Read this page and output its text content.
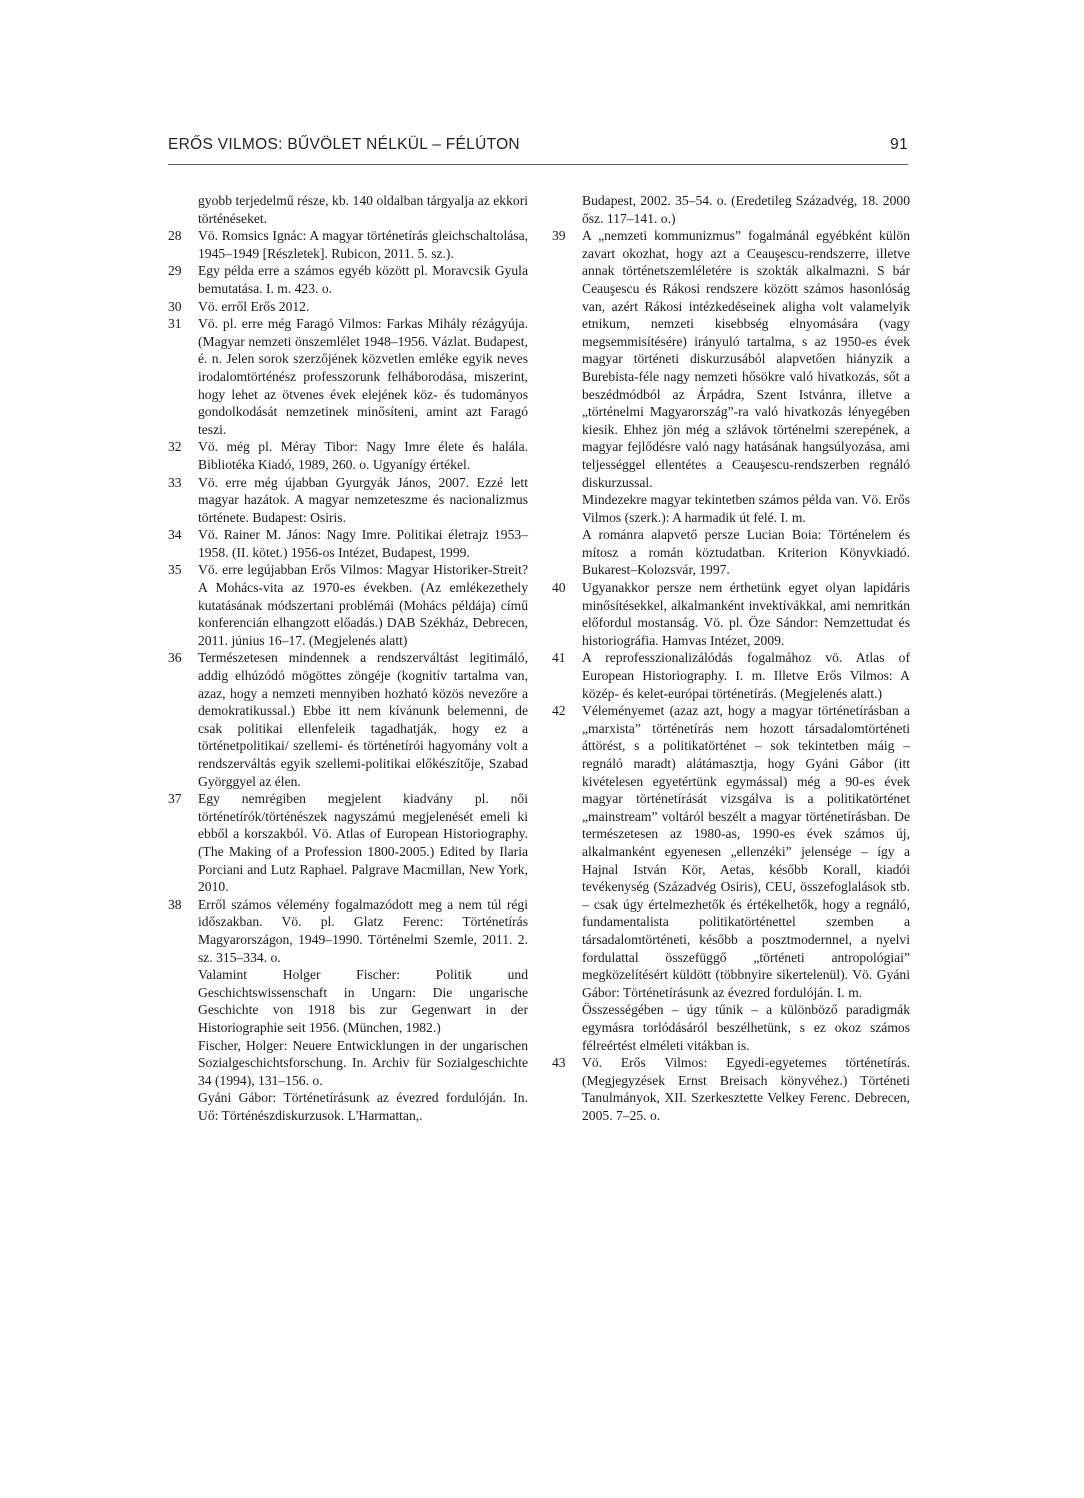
ERŐS VILMOS: BŰVÖLET NÉLKÜL – FÉLÚTON	91

gyobb terjedelmű része, kb. 140 oldalban tárgyalja az ekkori történéseket.

28 Vö. Romsics Ignác: A magyar történetírás gleichschaltolása, 1945–1949 [Részletek]. Rubicon, 2011. 5. sz.).

29 Egy példa erre a számos egyéb között pl. Moravcsik Gyula bemutatása. I. m. 423. o.

30 Vö. erről Erős 2012.

31 Vö. pl. erre még Faragó Vilmos: Farkas Mihály rézágyúja. (Magyar nemzeti önszemlélet 1948–1956. Vázlat. Budapest, é. n. Jelen sorok szerzőjének közvetlen emléke egyik neves irodalomtörténész professzorunk felháborodása, miszerint, hogy lehet az ötvenes évek elejének köz- és tudományos gondolkodását nemzetinek minősíteni, amint azt Faragó teszi.

32 Vö. még pl. Méray Tibor: Nagy Imre élete és halála. Bibliotéka Kiadó, 1989, 260. o. Ugyanígy értékel.

33 Vö. erre még újabban Gyurgyák János, 2007. Ezzé lett magyar hazátok. A magyar nemzeteszme és nacionalizmus története. Budapest: Osiris.

34 Vö. Rainer M. János: Nagy Imre. Politikai életrajz 1953–1958. (II. kötet.) 1956-os Intézet, Budapest, 1999.

35 Vö. erre legújabban Erős Vilmos: Magyar Historiker-Streit? A Mohács-vita az 1970-es években. (Az emlékezethely kutatásának módszertani problémái (Mohács példája) című konferencián elhangzott előadás.) DAB Székház, Debrecen, 2011. június 16–17. (Megjelenés alatt)

36 Természetesen mindennek a rendszerváltást legitimáló, addig elhúzódó mögöttes zöngéje (kognitív tartalma van, azaz, hogy a nemzeti mennyiben hozható közös nevezőre a demokratikussal.) Ebbe itt nem kívánunk belemenni, de csak politikai ellenfeleik tagadhatják, hogy ez a történetpolitikai/ szellemi- és történetírói hagyomány volt a rendszerváltás egyik szellemi-politikai előkészítője, Szabad Györggyel az élen.

37 Egy nemrégiben megjelent kiadvány pl. női történetírók/történészek nagyszámú megjelenését emeli ki ebből a korszakból. Vö. Atlas of European Historiography. (The Making of a Profession 1800-2005.) Edited by Ilaria Porciani and Lutz Raphael. Palgrave Macmillan, New York, 2010.

38 Erről számos vélemény fogalmazódott meg a nem túl régi időszakban. Vö. pl. Glatz Ferenc: Történetírás Magyarországon, 1949–1990. Történelmi Szemle, 2011. 2. sz. 315–334. o.

Valamint Holger Fischer: Politik und Geschichtswissenschaft in Ungarn: Die ungarische Geschichte von 1918 bis zur Gegenwart in der Historiographie seit 1956. (München, 1982.)

Fischer, Holger: Neuere Entwicklungen in der ungarischen Sozialgeschichtsforschung. In. Archiv für Sozialgeschichte 34 (1994), 131–156. o.

Gyáni Gábor: Történetírásunk az évezred fordulóján. In. Uő: Történészdiskurzusok. L'Harmattan,.

Budapest, 2002. 35–54. o. (Eredetileg Századvég, 18. 2000 ősz. 117–141. o.)

39 A „nemzeti kommunizmus” fogalmánál egyébként külön zavart okozhat, hogy azt a Ceauşescu-rendszerre, illetve annak történetszemléletére is szokták alkalmazni. S bár Ceauşescu és Rákosi rendszere között számos hasonlóság van, azért Rákosi intézkedéseinek aligha volt valamelyik etnikum, nemzeti kisebbség elnyomására (vagy megsemmisítésére) irányuló tartalma, s az 1950-es évek magyar történeti diskurzusából alapvetően hiányzik a Burebista-féle nagy nemzeti hősökre való hivatkozás, sőt a beszédmódból az Árpádra, Szent Istvánra, illetve a „történelmi Magyarország”-ra való hivatkozás lényegében kiesik. Ehhez jön még a szlávok történelmi szerepének, a magyar fejlődésre való nagy hatásának hangsúlyozása, ami teljességgel ellentétes a Ceauşescu-rendszerben regnáló diskurzussal.

Mindezekre magyar tekintetben számos példa van. Vö. Erős Vilmos (szerk.): A harmadik út felé. I. m.

A románra alapvető persze Lucian Boia: Történelem és mítosz a román köztudatban. Kriterion Könyvkiadó. Bukarest–Kolozsvár, 1997.

40 Ugyanakkor persze nem érthetünk egyet olyan lapidáris minősítésekkel, alkalmanként invektívákkal, ami nemritkán előfordul mostanság. Vö. pl. Öze Sándor: Nemzettudat és historiográfia. Hamvas Intézet, 2009.

41 A reprofesszionalizálódás fogalmához vö. Atlas of European Historiography. I. m. Illetve Erős Vilmos: A közép- és kelet-európai történetírás. (Megjelenés alatt.)

42 Véleményemet (azaz azt, hogy a magyar történetírásban a „marxista” történetírás nem hozott társadalomtörténeti áttörést, s a politikatörténet – sok tekintetben máig – regnáló maradt) alátámasztja, hogy Gyáni Gábor (itt kivételesen egyetértünk egymással) még a 90-es évek magyar történetírását vizsgálva is a politikatörténet „mainstream” voltáról beszélt a magyar történetírásban. De természetesen az 1980-as, 1990-es évek számos új, alkalmanként egyenesen „ellenzéki” jelensége – így a Hajnal István Kör, Aetas, később Korall, kiadói tevékenység (Századvég Osiris), CEU, összefoglalások stb. – csak úgy értelmezhetők és értékelhetők, hogy a regnáló, fundamentalista politikatörténettel szemben a társadalomtörténeti, később a posztmodernnel, a nyelvi fordulattal összefüggő „történeti antropológiai” megközelítésért küldött (többnyire sikertelenül). Vö. Gyáni Gábor: Történetírásunk az évezred fordulóján. I. m.

Összességében – úgy tűnik – a különböző paradigmák egymásra torlódásáról beszélhetünk, s ez okoz számos félreértést elméleti vitákban is.

43 Vö. Erős Vilmos: Egyedi-egyetemes történetírás. (Megjegyzések Ernst Breisach könyvéhez.) Történeti Tanulmányok, XII. Szerkesztette Velkey Ferenc. Debrecen, 2005. 7–25. o.
